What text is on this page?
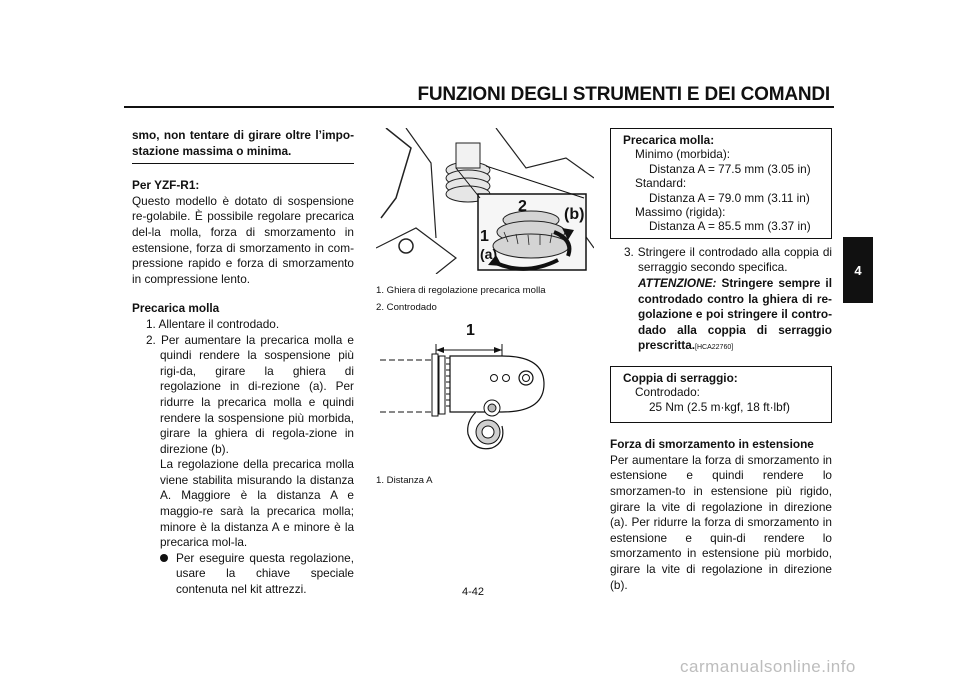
FUNZIONI DEGLI STRUMENTI E DEI COMANDI
4

smo, non tentare di girare oltre l’impo-stazione massima o minima.

Per YZF-R1:

Questo modello è dotato di sospensione re-golabile. È possibile regolare precarica del-la molla, forza di smorzamento in estensione, forza di smorzamento in com-pressione rapido e forza di smorzamento in compressione lento.

Precarica molla

1. Allentare il controdado.

2. Per aumentare la precarica molla e quindi rendere la sospensione più rigi-da, girare la ghiera di regolazione in di-rezione (a). Per ridurre la precarica molla e quindi rendere la sospensione più morbida, girare la ghiera di regola-zione in direzione (b).

La regolazione della precarica molla viene stabilita misurando la distanza A. Maggiore è la distanza A e maggio-re sarà la precarica molla; minore è la distanza A e minore è la precarica mol-la.

Per eseguire questa regolazione, usare la chiave speciale contenuta nel kit attrezzi.
2
1
(a)
(b)
1. Ghiera di regolazione precarica molla
2. Controdado
1
1. Distanza A
Precarica molla:
Minimo (morbida):
Distanza A = 77.5 mm (3.05 in)
Standard:
Distanza A = 79.0 mm (3.11 in)
Massimo (rigida):
Distanza A = 85.5 mm (3.37 in)
3. Stringere il controdado alla coppia di serraggio secondo specifica.
ATTENZIONE: Stringere sempre il controdado contro la ghiera di re-golazione e poi stringere il contro-dado alla coppia di serraggio prescritta.[HCA22760]
Coppia di serraggio:
Controdado:
25 Nm (2.5 m·kgf, 18 ft·lbf)

Forza di smorzamento in estensione

Per aumentare la forza di smorzamento in estensione e quindi rendere lo smorzamen-to in estensione più rigido, girare la vite di regolazione in direzione (a). Per ridurre la forza di smorzamento in estensione e quin-di rendere lo smorzamento in estensione più morbido, girare la vite di regolazione in direzione (b).

4-42
carmanualsonline.info
